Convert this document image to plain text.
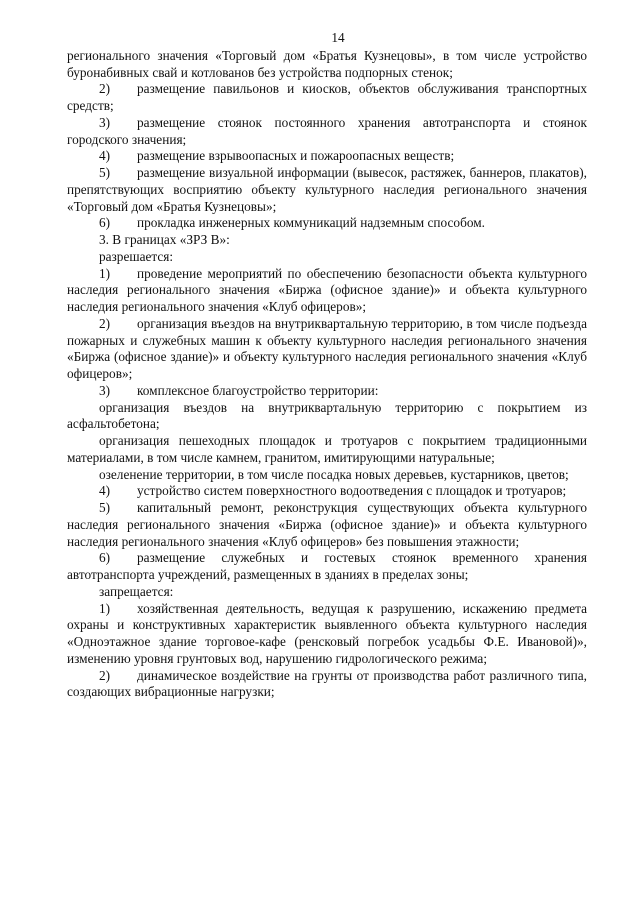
14

регионального значения «Торговый дом «Братья Кузнецовы», в том числе устройство буронабивных свай и котлованов без устройства подпорных стенок;

2) размещение павильонов и киосков, объектов обслуживания транспортных средств;

3) размещение стоянок постоянного хранения автотранспорта и стоянок городского значения;

4) размещение взрывоопасных и пожароопасных веществ;

5) размещение визуальной информации (вывесок, растяжек, баннеров, плакатов), препятствующих восприятию объекту культурного наследия регионального значения «Торговый дом «Братья Кузнецовы»;

6) прокладка инженерных коммуникаций надземным способом.

3. В границах «ЗРЗ В»:

разрешается:

1) проведение мероприятий по обеспечению безопасности объекта культурного наследия регионального значения «Биржа (офисное здание)» и объекта культурного наследия регионального значения «Клуб офицеров»;

2) организация въездов на внутриквартальную территорию, в том числе подъезда пожарных и служебных машин к объекту культурного наследия регионального значения «Биржа (офисное здание)» и объекту культурного наследия регионального значения «Клуб офицеров»;

3) комплексное благоустройство территории:

организация въездов на внутриквартальную территорию с покрытием из асфальтобетона;

организация пешеходных площадок и тротуаров с покрытием традиционными материалами, в том числе камнем, гранитом, имитирующими натуральные;

озеленение территории, в том числе посадка новых деревьев, кустарников, цветов;

4) устройство систем поверхностного водоотведения с площадок и тротуаров;

5) капитальный ремонт, реконструкция существующих объекта культурного наследия регионального значения «Биржа (офисное здание)» и объекта культурного наследия регионального значения «Клуб офицеров» без повышения этажности;

6) размещение служебных и гостевых стоянок временного хранения автотранспорта учреждений, размещенных в зданиях в пределах зоны;

запрещается:

1) хозяйственная деятельность, ведущая к разрушению, искажению предмета охраны и конструктивных характеристик выявленного объекта культурного наследия «Одноэтажное здание торговое-кафе (ренсковый погребок усадьбы Ф.Е. Ивановой)», изменению уровня грунтовых вод, нарушению гидрологического режима;

2) динамическое воздействие на грунты от производства работ различного типа, создающих вибрационные нагрузки;
